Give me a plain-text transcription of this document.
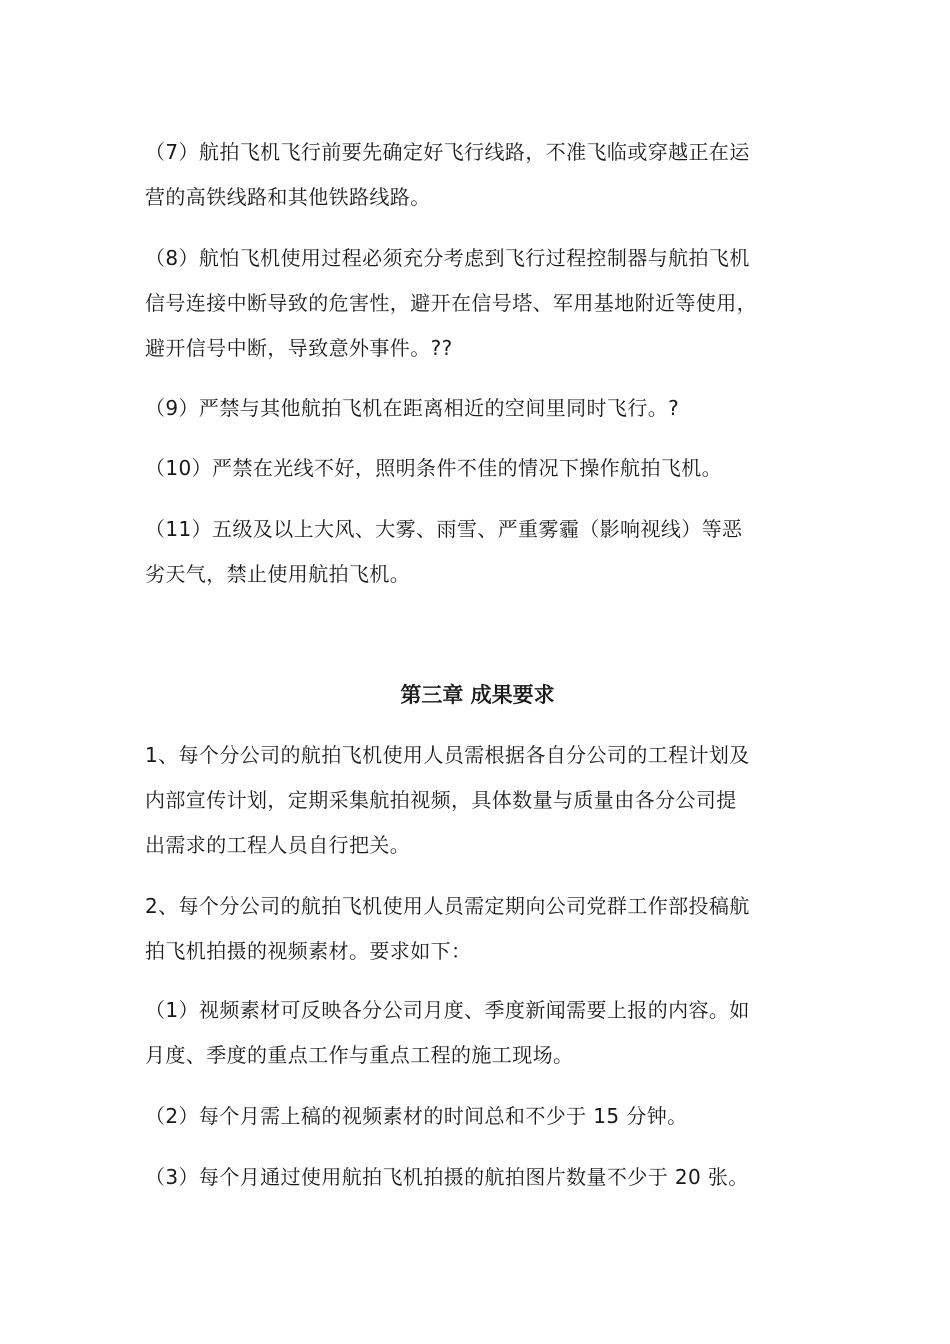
（7）航拍飞机飞行前要先确定好飞行线路，不准飞临或穿越正在运
营的高铁线路和其他铁路线路。

（8）航怕飞机使用过程必须充分考虑到飞行过程控制器与航拍飞机
信号连接中断导致的危害性，避开在信号塔、军用基地附近等使用，
避开信号中断，导致意外事件。??

（9）严禁与其他航拍飞机在距离相近的空间里同时飞行。?

（10）严禁在光线不好，照明条件不佳的情况下操作航拍飞机。

（11）五级及以上大风、大雾、雨雪、严重雾霾（影响视线）等恶
劣天气，禁止使用航拍飞机。

第三章 成果要求

1、每个分公司的航拍飞机使用人员需根据各自分公司的工程计划及
内部宣传计划，定期采集航拍视频，具体数量与质量由各分公司提
出需求的工程人员自行把关。

2、每个分公司的航拍飞机使用人员需定期向公司党群工作部投稿航
拍飞机拍摄的视频素材。要求如下：

（1）视频素材可反映各分公司月度、季度新闻需要上报的内容。如
月度、季度的重点工作与重点工程的施工现场。

（2）每个月需上稿的视频素材的时间总和不少于 15 分钟。

（3）每个月通过使用航拍飞机拍摄的航拍图片数量不少于 20 张。
